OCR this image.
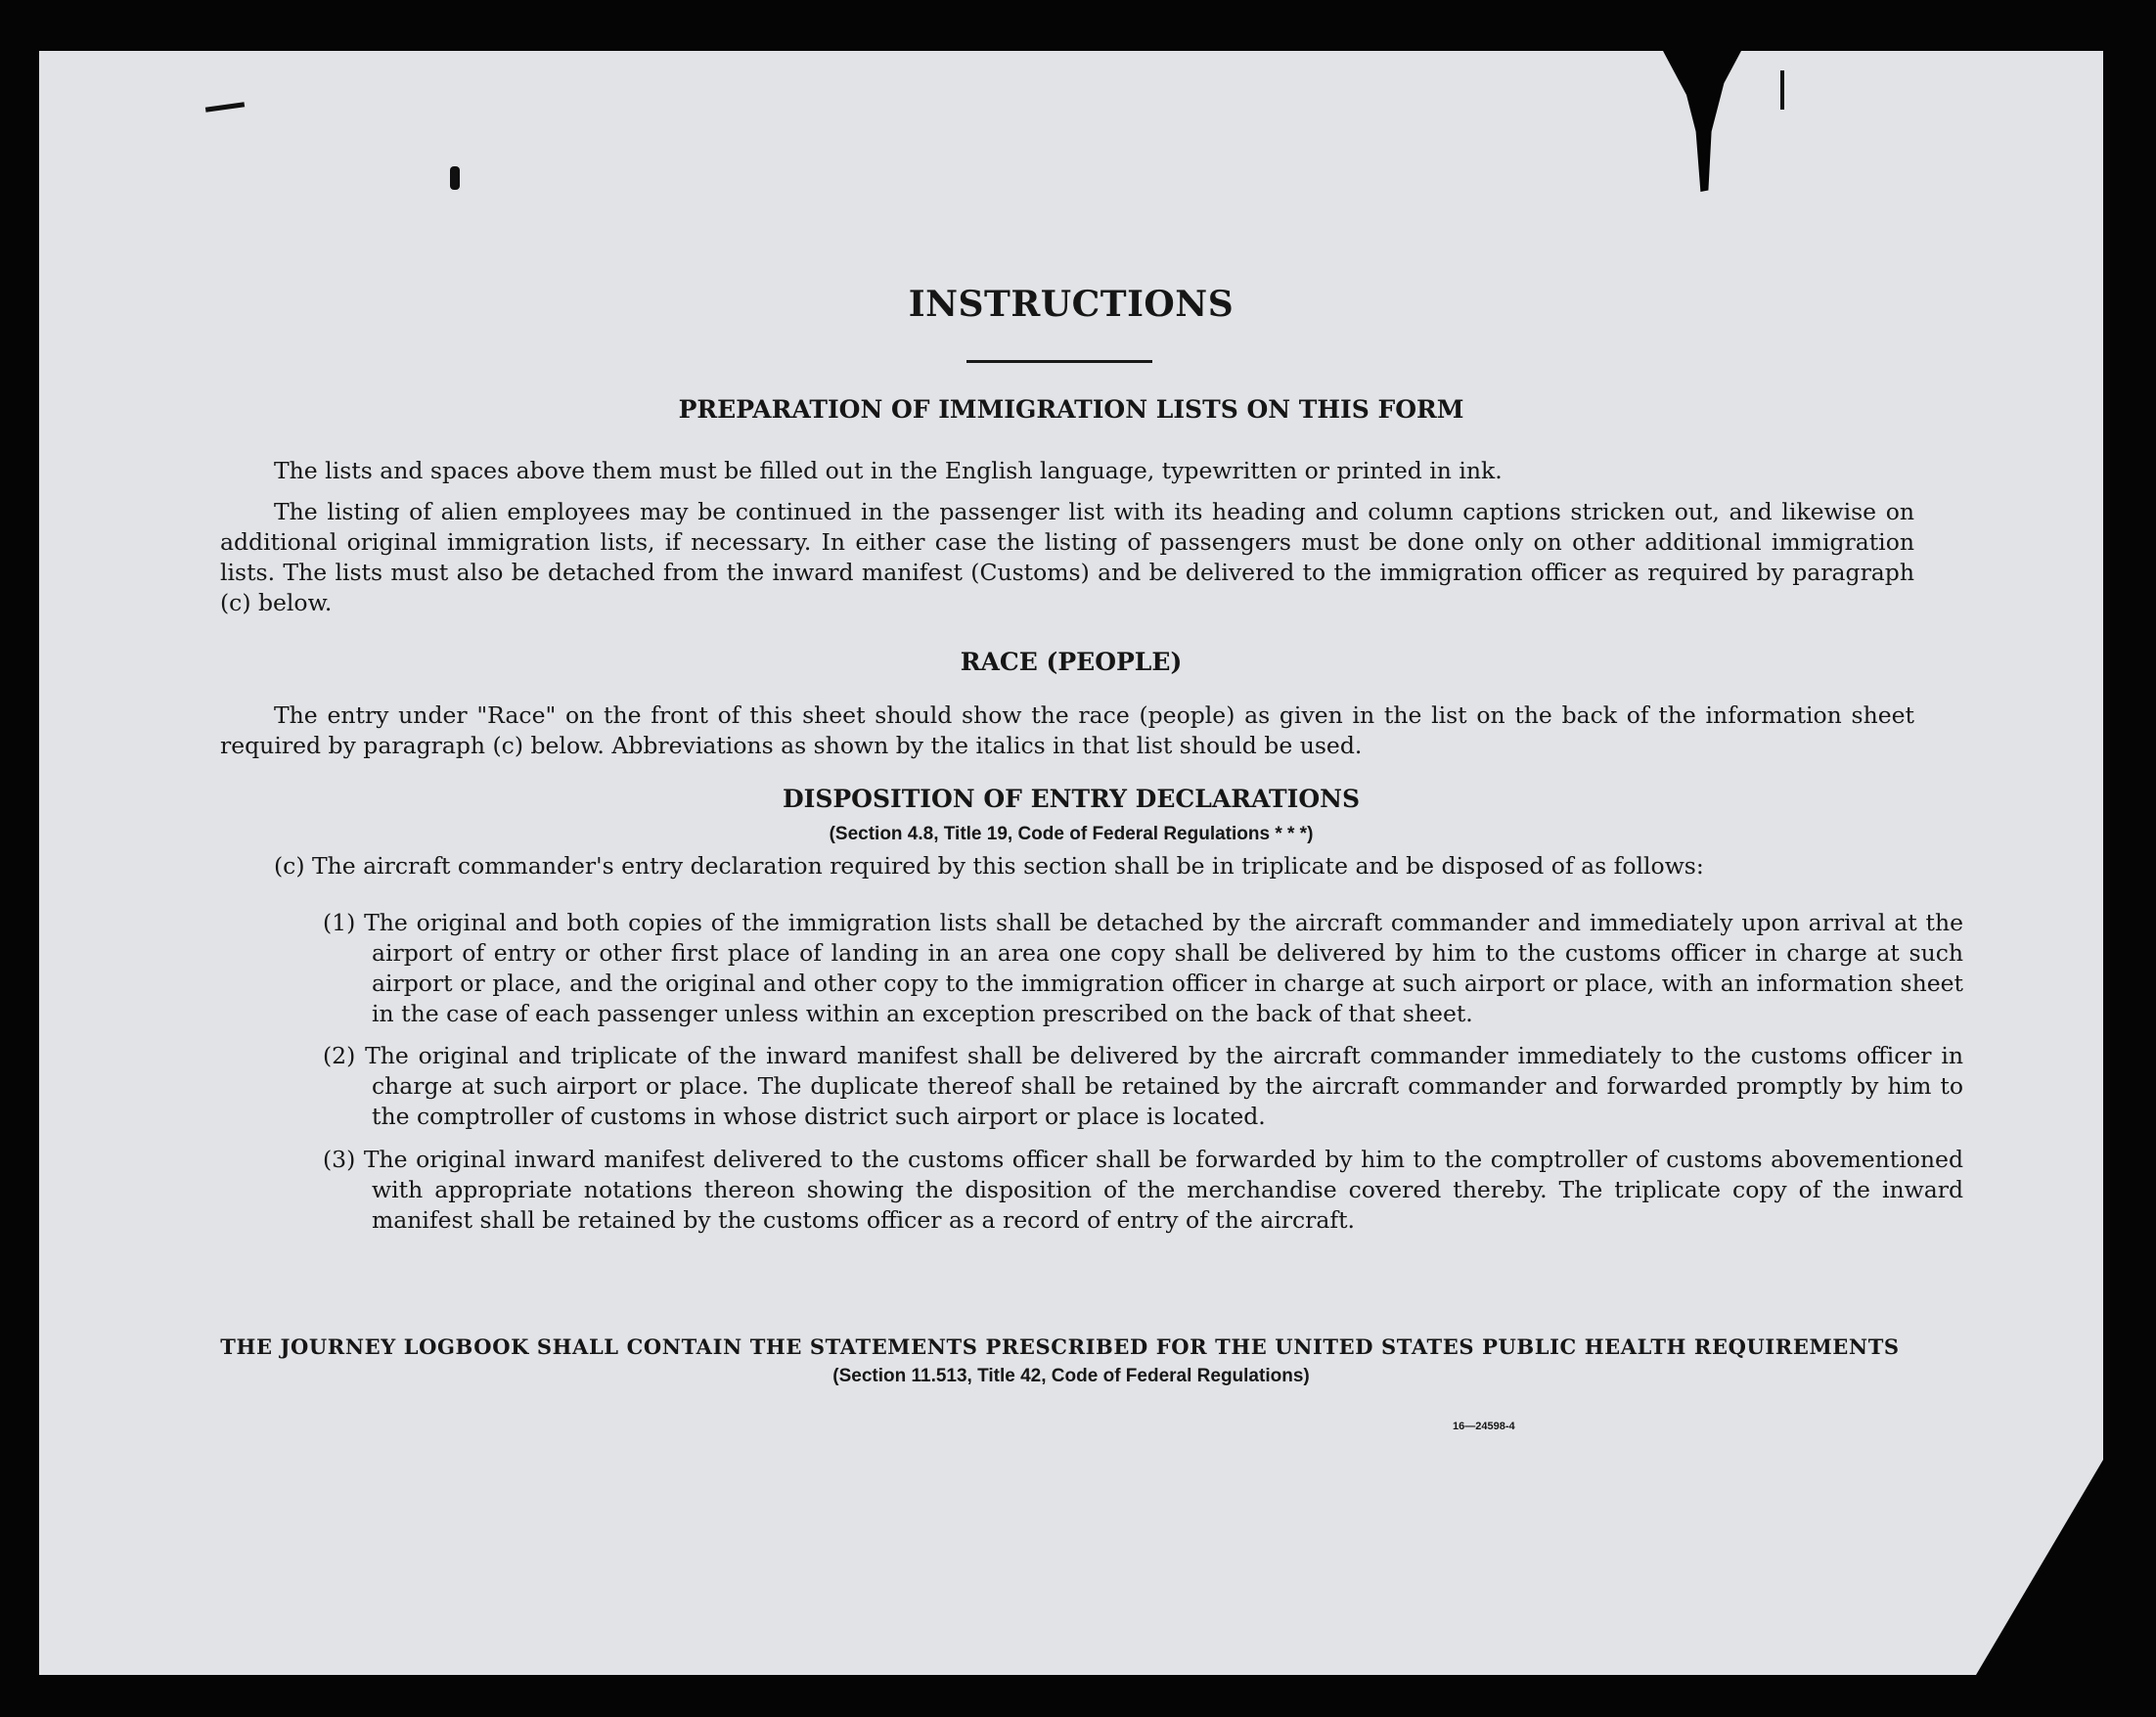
INSTRUCTIONS
PREPARATION OF IMMIGRATION LISTS ON THIS FORM
The lists and spaces above them must be filled out in the English language, typewritten or printed in ink.
The listing of alien employees may be continued in the passenger list with its heading and column captions stricken out, and likewise on additional original immigration lists, if necessary. In either case the listing of passengers must be done only on other additional immigration lists. The lists must also be detached from the inward manifest (Customs) and be delivered to the immigration officer as required by paragraph (c) below.
RACE (PEOPLE)
The entry under "Race" on the front of this sheet should show the race (people) as given in the list on the back of the information sheet required by paragraph (c) below. Abbreviations as shown by the italics in that list should be used.
DISPOSITION OF ENTRY DECLARATIONS
(Section 4.8, Title 19, Code of Federal Regulations * * *)
(c) The aircraft commander's entry declaration required by this section shall be in triplicate and be disposed of as follows:
(1) The original and both copies of the immigration lists shall be detached by the aircraft commander and immediately upon arrival at the airport of entry or other first place of landing in an area one copy shall be delivered by him to the customs officer in charge at such airport or place, and the original and other copy to the immigration officer in charge at such airport or place, with an information sheet in the case of each passenger unless within an exception prescribed on the back of that sheet.
(2) The original and triplicate of the inward manifest shall be delivered by the aircraft commander immediately to the customs officer in charge at such airport or place. The duplicate thereof shall be retained by the aircraft commander and forwarded promptly by him to the comptroller of customs in whose district such airport or place is located.
(3) The original inward manifest delivered to the customs officer shall be forwarded by him to the comptroller of customs abovementioned with appropriate notations thereon showing the disposition of the merchandise covered thereby. The triplicate copy of the inward manifest shall be retained by the customs officer as a record of entry of the aircraft.
THE JOURNEY LOGBOOK SHALL CONTAIN THE STATEMENTS PRESCRIBED FOR THE UNITED STATES PUBLIC HEALTH REQUIREMENTS
(Section 11.513, Title 42, Code of Federal Regulations)
16—24598-4
